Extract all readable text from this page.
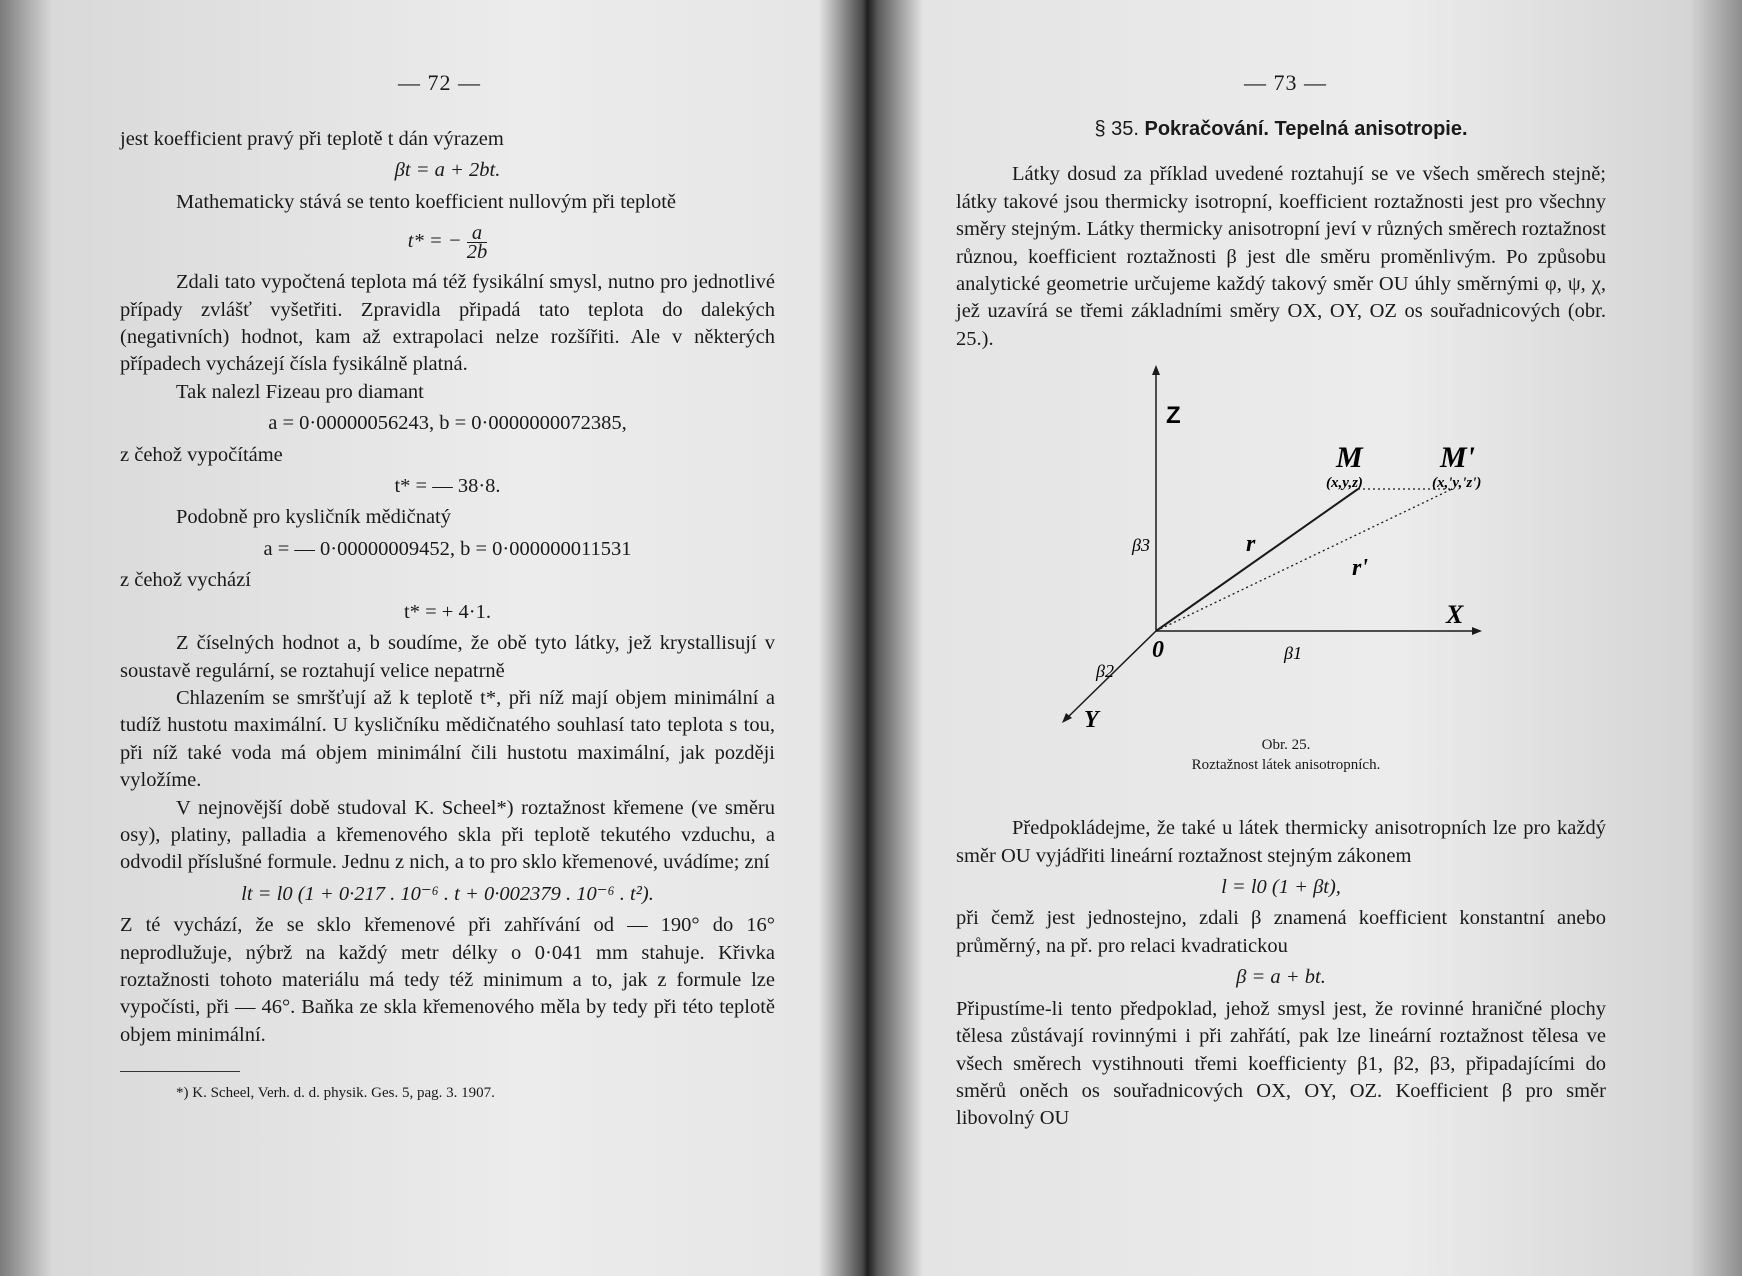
— 72 —

jest koefficient pravý při teplotě t dán výrazem

βt = a + 2bt.

Mathematicky stává se tento koefficient nullovým při teplotě

t* = − $\frac{a}{2b}$

Zdali tato vypočtená teplota má též fysikální smysl, nutno pro jednotlivé případy zvlášť vyšetřiti. Zpravidla připadá tato teplota do dalekých (negativních) hodnot, kam až extrapolaci nelze rozšířiti. Ale v některých případech vycházejí čísla fysikálně platná.

Tak nalezl Fizeau pro diamant

a = 0·00000056243, b = 0·0000000072385,

z čehož vypočítáme

t* = — 38·8.

Podobně pro kysličník mědičnatý

a = — 0·00000009452, b = 0·000000011531

z čehož vychází

t* = + 4·1.

Z číselných hodnot a, b soudíme, že obě tyto látky, jež krystallisují v soustavě regulární, se roztahují velice nepatrně

Chlazením se smršťují až k teplotě t*, při níž mají objem minimální a tudíž hustotu maximální. U kysličníku mědičnatého souhlasí tato teplota s tou, při níž také voda má objem minimální čili hustotu maximální, jak později vyložíme.

V nejnovější době studoval K. Scheel*) roztažnost křemene (ve směru osy), platiny, palladia a křemenového skla při teplotě tekutého vzduchu, a odvodil příslušné formule. Jednu z nich, a to pro sklo křemenové, uvádíme; zní

lt = l0 (1 + 0·217 . 10⁻⁶ . t + 0·002379 . 10⁻⁶ . t²).

Z té vychází, že se sklo křemenové při zahřívání od — 190° do 16° neprodlužuje, nýbrž na každý metr délky o 0·041 mm stahuje. Křivka roztažnosti tohoto materiálu má tedy též minimum a to, jak z formule lze vypočísti, při — 46°. Baňka ze skla křemenového měla by tedy při této teplotě objem minimální.

*) K. Scheel, Verh. d. d. physik. Ges. 5, pag. 3. 1907.

— 73 —

§ 35. Pokračování. Tepelná anisotropie.

Látky dosud za příklad uvedené roztahují se ve všech směrech stejně; látky takové jsou thermicky isotropní, koefficient roztažnosti jest pro všechny směry stejným. Látky thermicky anisotropní jeví v různých směrech roztažnost různou, koefficient roztažnosti β jest dle směru proměnlivým. Po způsobu analytické geometrie určujeme každý takový směr OU úhly směrnými φ, ψ, χ, jež uzavírá se třemi základními směry OX, OY, OZ os souřadnicových (obr. 25.).

Z
X
Y
0
M
(x,y,z)
M'
(x,'y,'z')
r
r'
β1
β2
β3
Obr. 25.
Roztažnost látek anisotropních.

Předpokládejme, že také u látek thermicky anisotropních lze pro každý směr OU vyjádřiti lineární roztažnost stejným zákonem

l = l0 (1 + βt),

při čemž jest jednostejno, zdali β znamená koefficient konstantní anebo průměrný, na př. pro relaci kvadratickou

β = a + bt.

Připustíme-li tento předpoklad, jehož smysl jest, že rovinné hraničné plochy tělesa zůstávají rovinnými i při zahřátí, pak lze lineární roztažnost tělesa ve všech směrech vystihnouti třemi koefficienty β1, β2, β3, připadajícími do směrů oněch os souřadnicových OX, OY, OZ. Koefficient β pro směr libovolný OU
